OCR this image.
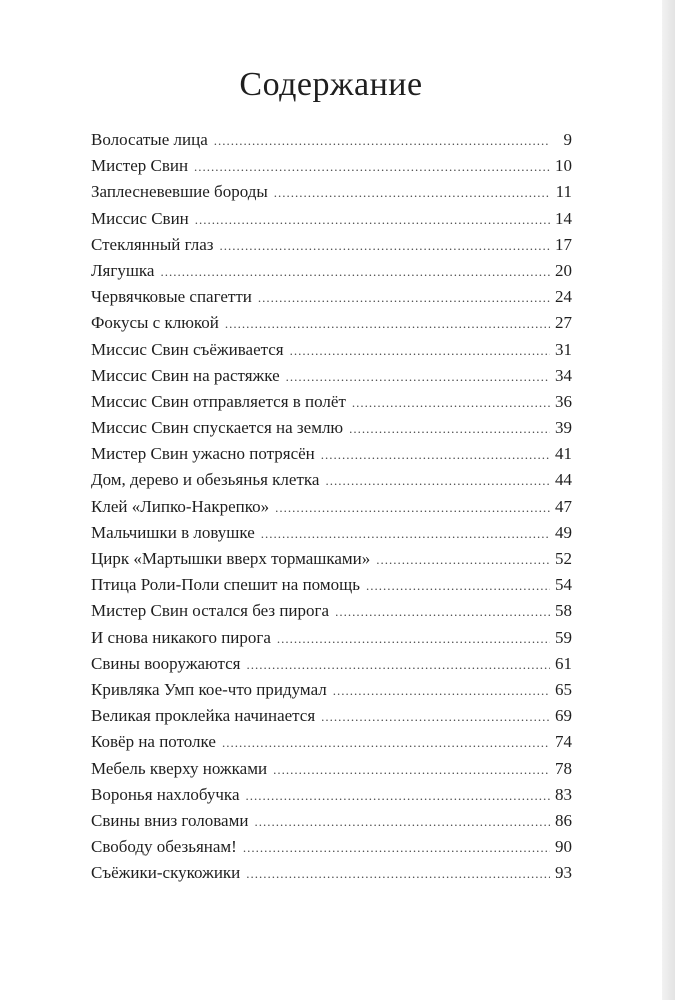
Содержание
Волосатые лица .....	9
Мистер Свин .....	10
Заплесневевшие бороды .....	11
Миссис Свин .....	14
Стеклянный глаз .....	17
Лягушка .....	20
Червячковые спагетти .....	24
Фокусы с клюкой .....	27
Миссис Свин съёживается .....	31
Миссис Свин на растяжке .....	34
Миссис Свин отправляется в полёт .....	36
Миссис Свин спускается на землю .....	39
Мистер Свин ужасно потрясён .....	41
Дом, дерево и обезьянья клетка .....	44
Клей «Липко-Накрепко» .....	47
Мальчишки в ловушке .....	49
Цирк «Мартышки вверх тормашками» .....	52
Птица Роли-Поли спешит на помощь .....	54
Мистер Свин остался без пирога .....	58
И снова никакого пирога .....	59
Свины вооружаются .....	61
Кривляка Умп кое-что придумал .....	65
Великая проклейка начинается .....	69
Ковёр на потолке .....	74
Мебель кверху ножками .....	78
Воронья нахлобучка .....	83
Свины вниз головами .....	86
Свободу обезьянам! .....	90
Съёжики-скукожики .....	93
